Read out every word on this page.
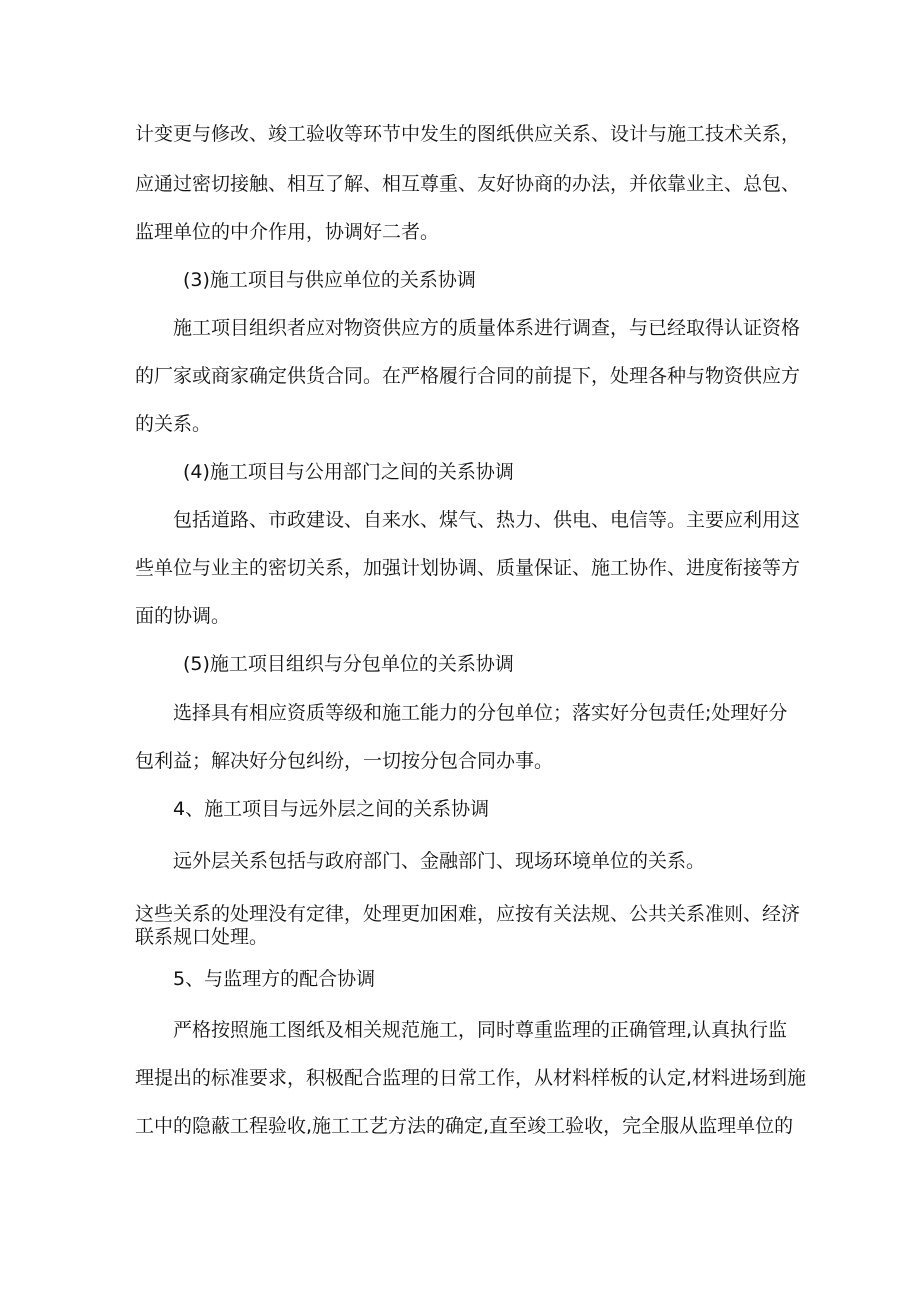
计变更与修改、竣工验收等环节中发生的图纸供应关系、设计与施工技术关系，
应通过密切接触、相互了解、相互尊重、友好协商的办法，并依靠业主、总包、
监理单位的中介作用，协调好二者。
(3)施工项目与供应单位的关系协调
施工项目组织者应对物资供应方的质量体系进行调查，与已经取得认证资格
的厂家或商家确定供货合同。在严格履行合同的前提下，处理各种与物资供应方
的关系。
(4)施工项目与公用部门之间的关系协调
包括道路、市政建设、自来水、煤气、热力、供电、电信等。主要应利用这
些单位与业主的密切关系，加强计划协调、质量保证、施工协作、进度衔接等方
面的协调。
(5)施工项目组织与分包单位的关系协调
选择具有相应资质等级和施工能力的分包单位；落实好分包责任;处理好分
包利益；解决好分包纠纷，一切按分包合同办事。
4、施工项目与远外层之间的关系协调
远外层关系包括与政府部门、金融部门、现场环境单位的关系。
这些关系的处理没有定律，处理更加困难，应按有关法规、公共关系准则、经济
联系规口处理。
5、与监理方的配合协调
严格按照施工图纸及相关规范施工，同时尊重监理的正确管理,认真执行监
理提出的标准要求，积极配合监理的日常工作，从材料样板的认定,材料进场到施
工中的隐蔽工程验收,施工工艺方法的确定,直至竣工验收，完全服从监理单位的
